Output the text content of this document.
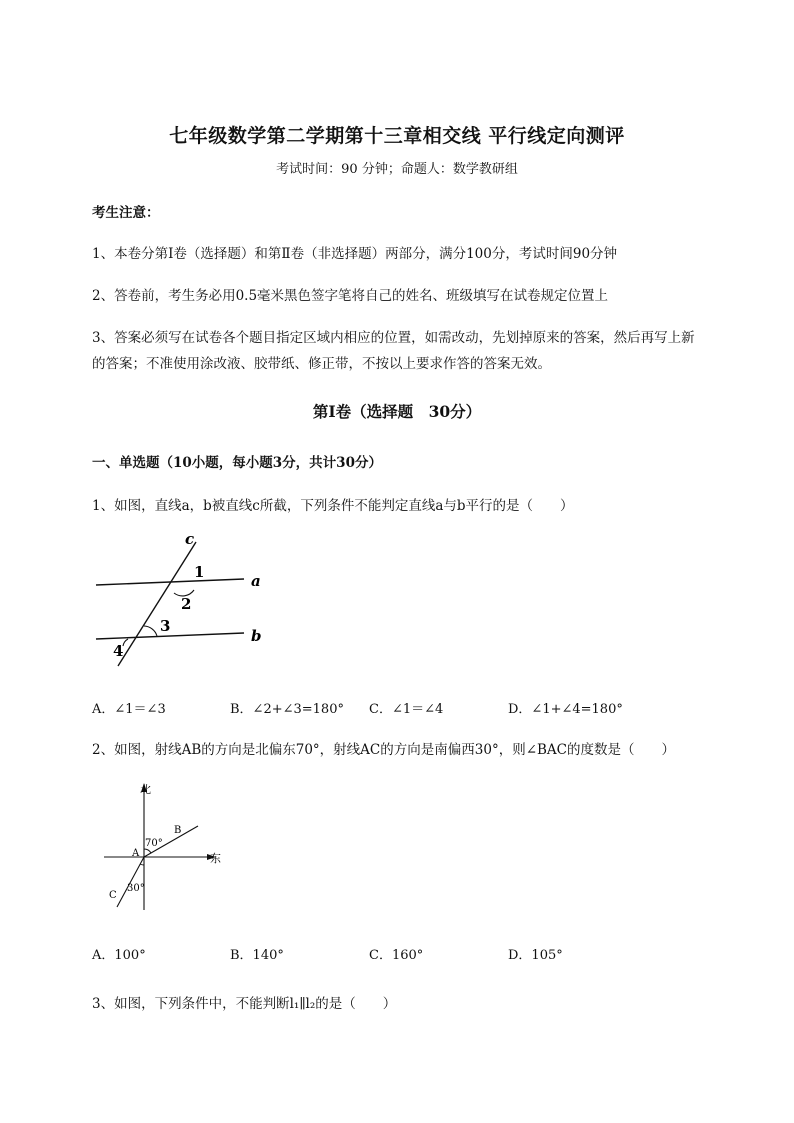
七年级数学第二学期第十三章相交线 平行线定向测评
考试时间：90 分钟；命题人：数学教研组
考生注意：
1、本卷分第Ⅰ卷（选择题）和第Ⅱ卷（非选择题）两部分，满分100分，考试时间90分钟
2、答卷前，考生务必用0.5毫米黑色签字笔将自己的姓名、班级填写在试卷规定位置上
3、答案必须写在试卷各个题目指定区域内相应的位置，如需改动，先划掉原来的答案，然后再写上新
的答案；不准使用涂改液、胶带纸、修正带，不按以上要求作答的答案无效。
第Ⅰ卷（选择题　30分）
一、单选题（10小题，每小题3分，共计30分）
1、如图，直线a，b被直线c所截，下列条件不能判定直线a与b平行的是（　　）
c
a
b
1
2
3
4
A．∠1＝∠3	B．∠2+∠3=180° C．∠1＝∠4	D．∠1+∠4=180°
2、如图，射线AB的方向是北偏东70°，射线AC的方向是南偏西30°，则∠BAC的度数是（　　）
北
东
A
B
C
70°
30°
A．100°	B．140°	C．160°	D．105°
3、如图，下列条件中，不能判断l₁∥l₂的是（　　）
